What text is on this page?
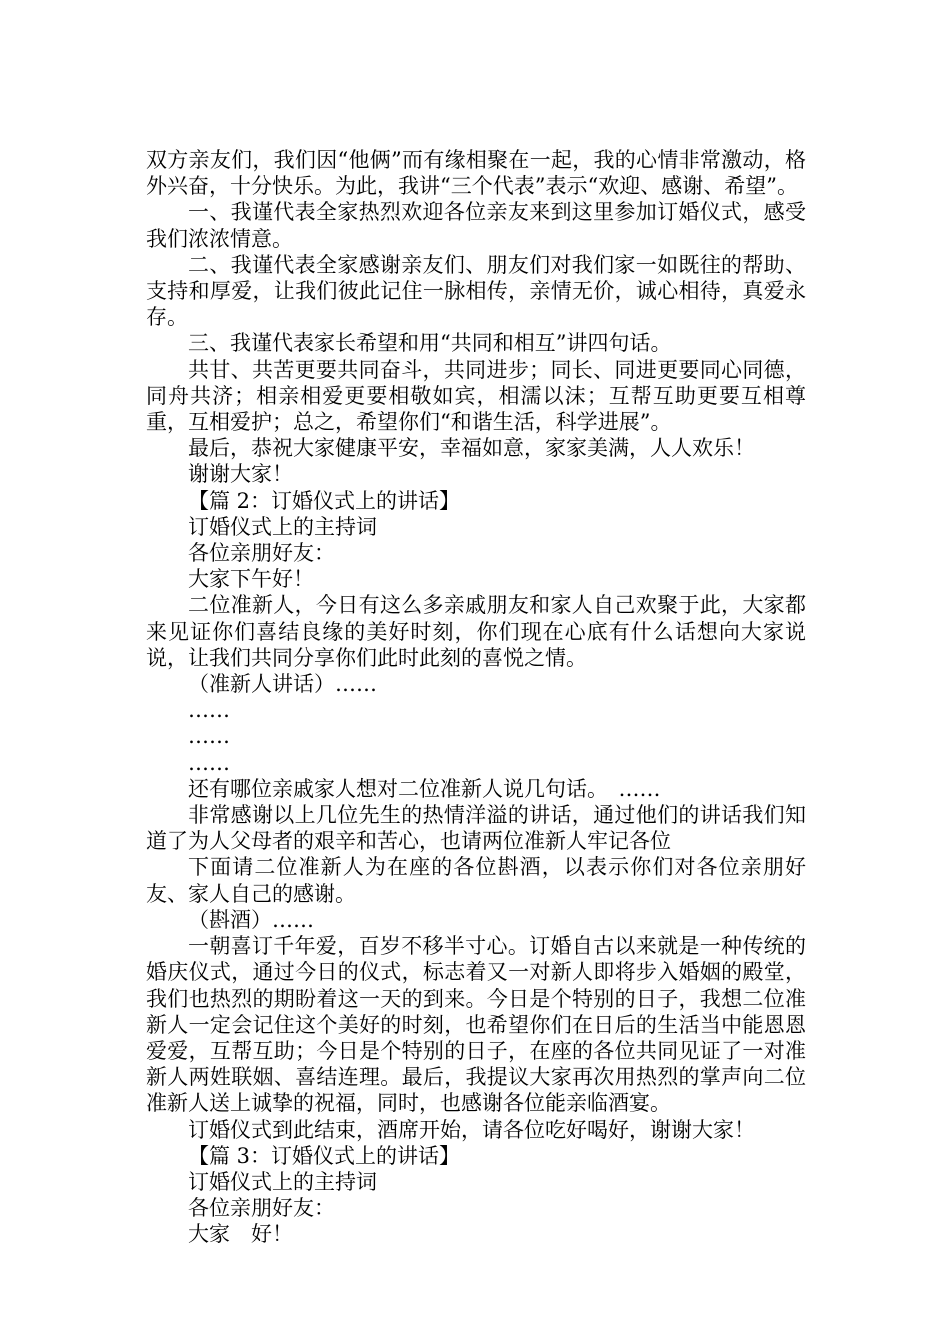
双方亲友们，我们因“他俩”而有缘相聚在一起，我的心情非常激动，格外兴奋，十分快乐。为此，我讲“三个代表”表示“欢迎、感谢、希望”。

一、我谨代表全家热烈欢迎各位亲友来到这里参加订婚仪式，感受我们浓浓情意。

二、我谨代表全家感谢亲友们、朋友们对我们家一如既往的帮助、支持和厚爱，让我们彼此记住一脉相传，亲情无价，诚心相待，真爱永存。

三、我谨代表家长希望和用“共同和相互”讲四句话。

共甘、共苦更要共同奋斗，共同进步；同长、同进更要同心同德，同舟共济；相亲相爱更要相敬如宾，相濡以沫；互帮互助更要互相尊重，互相爱护；总之，希望你们“和谐生活，科学进展”。

最后，恭祝大家健康平安，幸福如意，家家美满，人人欢乐！

谢谢大家！

【篇 2：订婚仪式上的讲话】

订婚仪式上的主持词

各位亲朋好友：

大家下午好！

二位准新人，今日有这么多亲戚朋友和家人自己欢聚于此，大家都来见证你们喜结良缘的美好时刻，你们现在心底有什么话想向大家说说，让我们共同分享你们此时此刻的喜悦之情。

（准新人讲话）……

……

……

……

还有哪位亲戚家人想对二位准新人说几句话。　……

非常感谢以上几位先生的热情洋溢的讲话，通过他们的讲话我们知道了为人父母者的艰辛和苦心，也请两位准新人牢记各位

下面请二位准新人为在座的各位斟酒，以表示你们对各位亲朋好友、家人自己的感谢。

（斟酒）……

一朝喜订千年爱，百岁不移半寸心。订婚自古以来就是一种传统的婚庆仪式，通过今日的仪式，标志着又一对新人即将步入婚姻的殿堂，我们也热烈的期盼着这一天的到来。今日是个特别的日子，我想二位准新人一定会记住这个美好的时刻，也希望你们在日后的生活当中能恩恩爱爱，互帮互助；今日是个特别的日子，在座的各位共同见证了一对准新人两姓联姻、喜结连理。最后，我提议大家再次用热烈的掌声向二位准新人送上诚挚的祝福，同时，也感谢各位能亲临酒宴。

订婚仪式到此结束，酒席开始，请各位吃好喝好，谢谢大家！

【篇 3：订婚仪式上的讲话】

订婚仪式上的主持词

各位亲朋好友：

大家　好！
